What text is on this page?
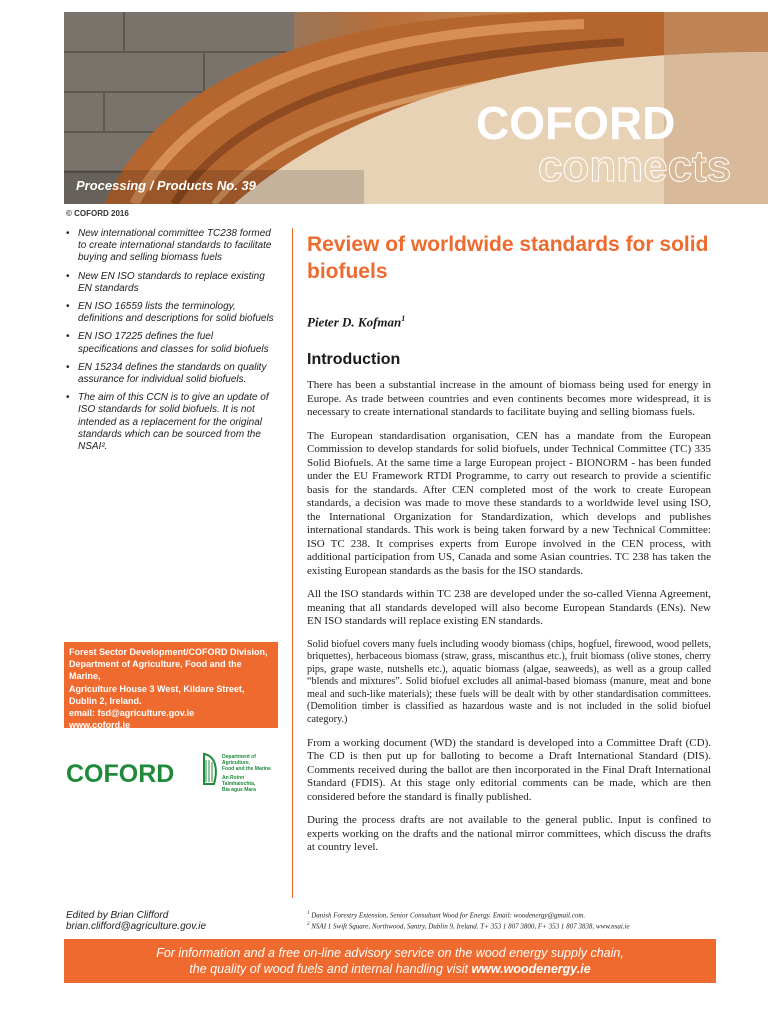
Processing / Products No. 39
COFORD
connects
© COFORD 2016
• New international committee TC238 formed to create international standards to facilitate buying and selling biomass fuels
• New EN ISO standards to replace existing EN standards
• EN ISO 16559 lists the terminology, definitions and descriptions for solid biofuels
• EN ISO 17225 defines the fuel specifications and classes for solid biofuels
• EN 15234 defines the standards on quality assurance for individual solid biofuels.
• The aim of this CCN is to give an update of ISO standards for solid biofuels. It is not intended as a replacement for the original standards which can be sourced from the NSAI².
Forest Sector Development/COFORD Division,
Department of Agriculture, Food and the Marine,
Agriculture House 3 West, Kildare Street,
Dublin 2, Ireland.
email: fsd@agriculture.gov.ie
www.coford.ie
COFORD
Department of
Agriculture,
Food and the Marine
An Roinn
Talmhaíochta,
Bia agus Mara
Edited by Brian Clifford
brian.clifford@agriculture.gov.ie
Review of worldwide standards for solid biofuels
Pieter D. Kofman$^1$
Introduction

There has been a substantial increase in the amount of biomass being used for energy in Europe. As trade between countries and even continents becomes more widespread, it is necessary to create international standards to facilitate buying and selling biomass fuels.

The European standardisation organisation, CEN has a mandate from the European Commission to develop standards for solid biofuels, under Technical Committee (TC) 335 Solid Biofuels. At the same time a large European project - BIONORM - has been funded under the EU Framework RTDI Programme, to carry out research to provide a scientific basis for the standards. After CEN completed most of the work to create European standards, a decision was made to move these standards to a worldwide level using ISO, the International Organization for Standardization, which develops and publishes international standards. This work is being taken forward by a new Technical Committee: ISO TC 238. It comprises experts from Europe involved in the CEN process, with additional participation from US, Canada and some Asian countries. TC 238 has taken the existing European standards as the basis for the ISO standards.

All the ISO standards within TC 238 are developed under the so-called Vienna Agreement, meaning that all standards developed will also become European Standards (ENs). New EN ISO standards will replace existing EN standards.

Solid biofuel covers many fuels including woody biomass (chips, hogfuel, firewood, wood pellets, briquettes), herbaceous biomass (straw, grass, miscanthus etc.), fruit biomass (olive stones, cherry pips, grape waste, nutshells etc.), aquatic biomass (algae, seaweeds), as well as a group called “blends and mixtures”. Solid biofuel excludes all animal-based biomass (manure, meat and bone meal and such-like materials); these fuels will be dealt with by other standardisation committees. (Demolition timber is classified as hazardous waste and is not included in the solid biofuel category.)

From a working document (WD) the standard is developed into a Committee Draft (CD). The CD is then put up for balloting to become a Draft International Standard (DIS). Comments received during the ballot are then incorporated in the Final Draft International Standard (FDIS). At this stage only editorial comments can be made, which are then considered before the standard is finally published.

During the process drafts are not available to the general public. Input is confined to experts working on the drafts and the national mirror committees, which discuss the drafts at country level.

$^1$ Danish Forestry Extension, Senior Consultant Wood for Energy. Email: woodenergy@gmail.com.
$^2$ NSAI 1 Swift Square, Northwood, Santry, Dublin 9, Ireland. T+ 353 1 807 3800, F+ 353 1 807 3838, www.nsai.ie
For information and a free on-line advisory service on the wood energy supply chain,
the quality of wood fuels and internal handling visit www.woodenergy.ie
